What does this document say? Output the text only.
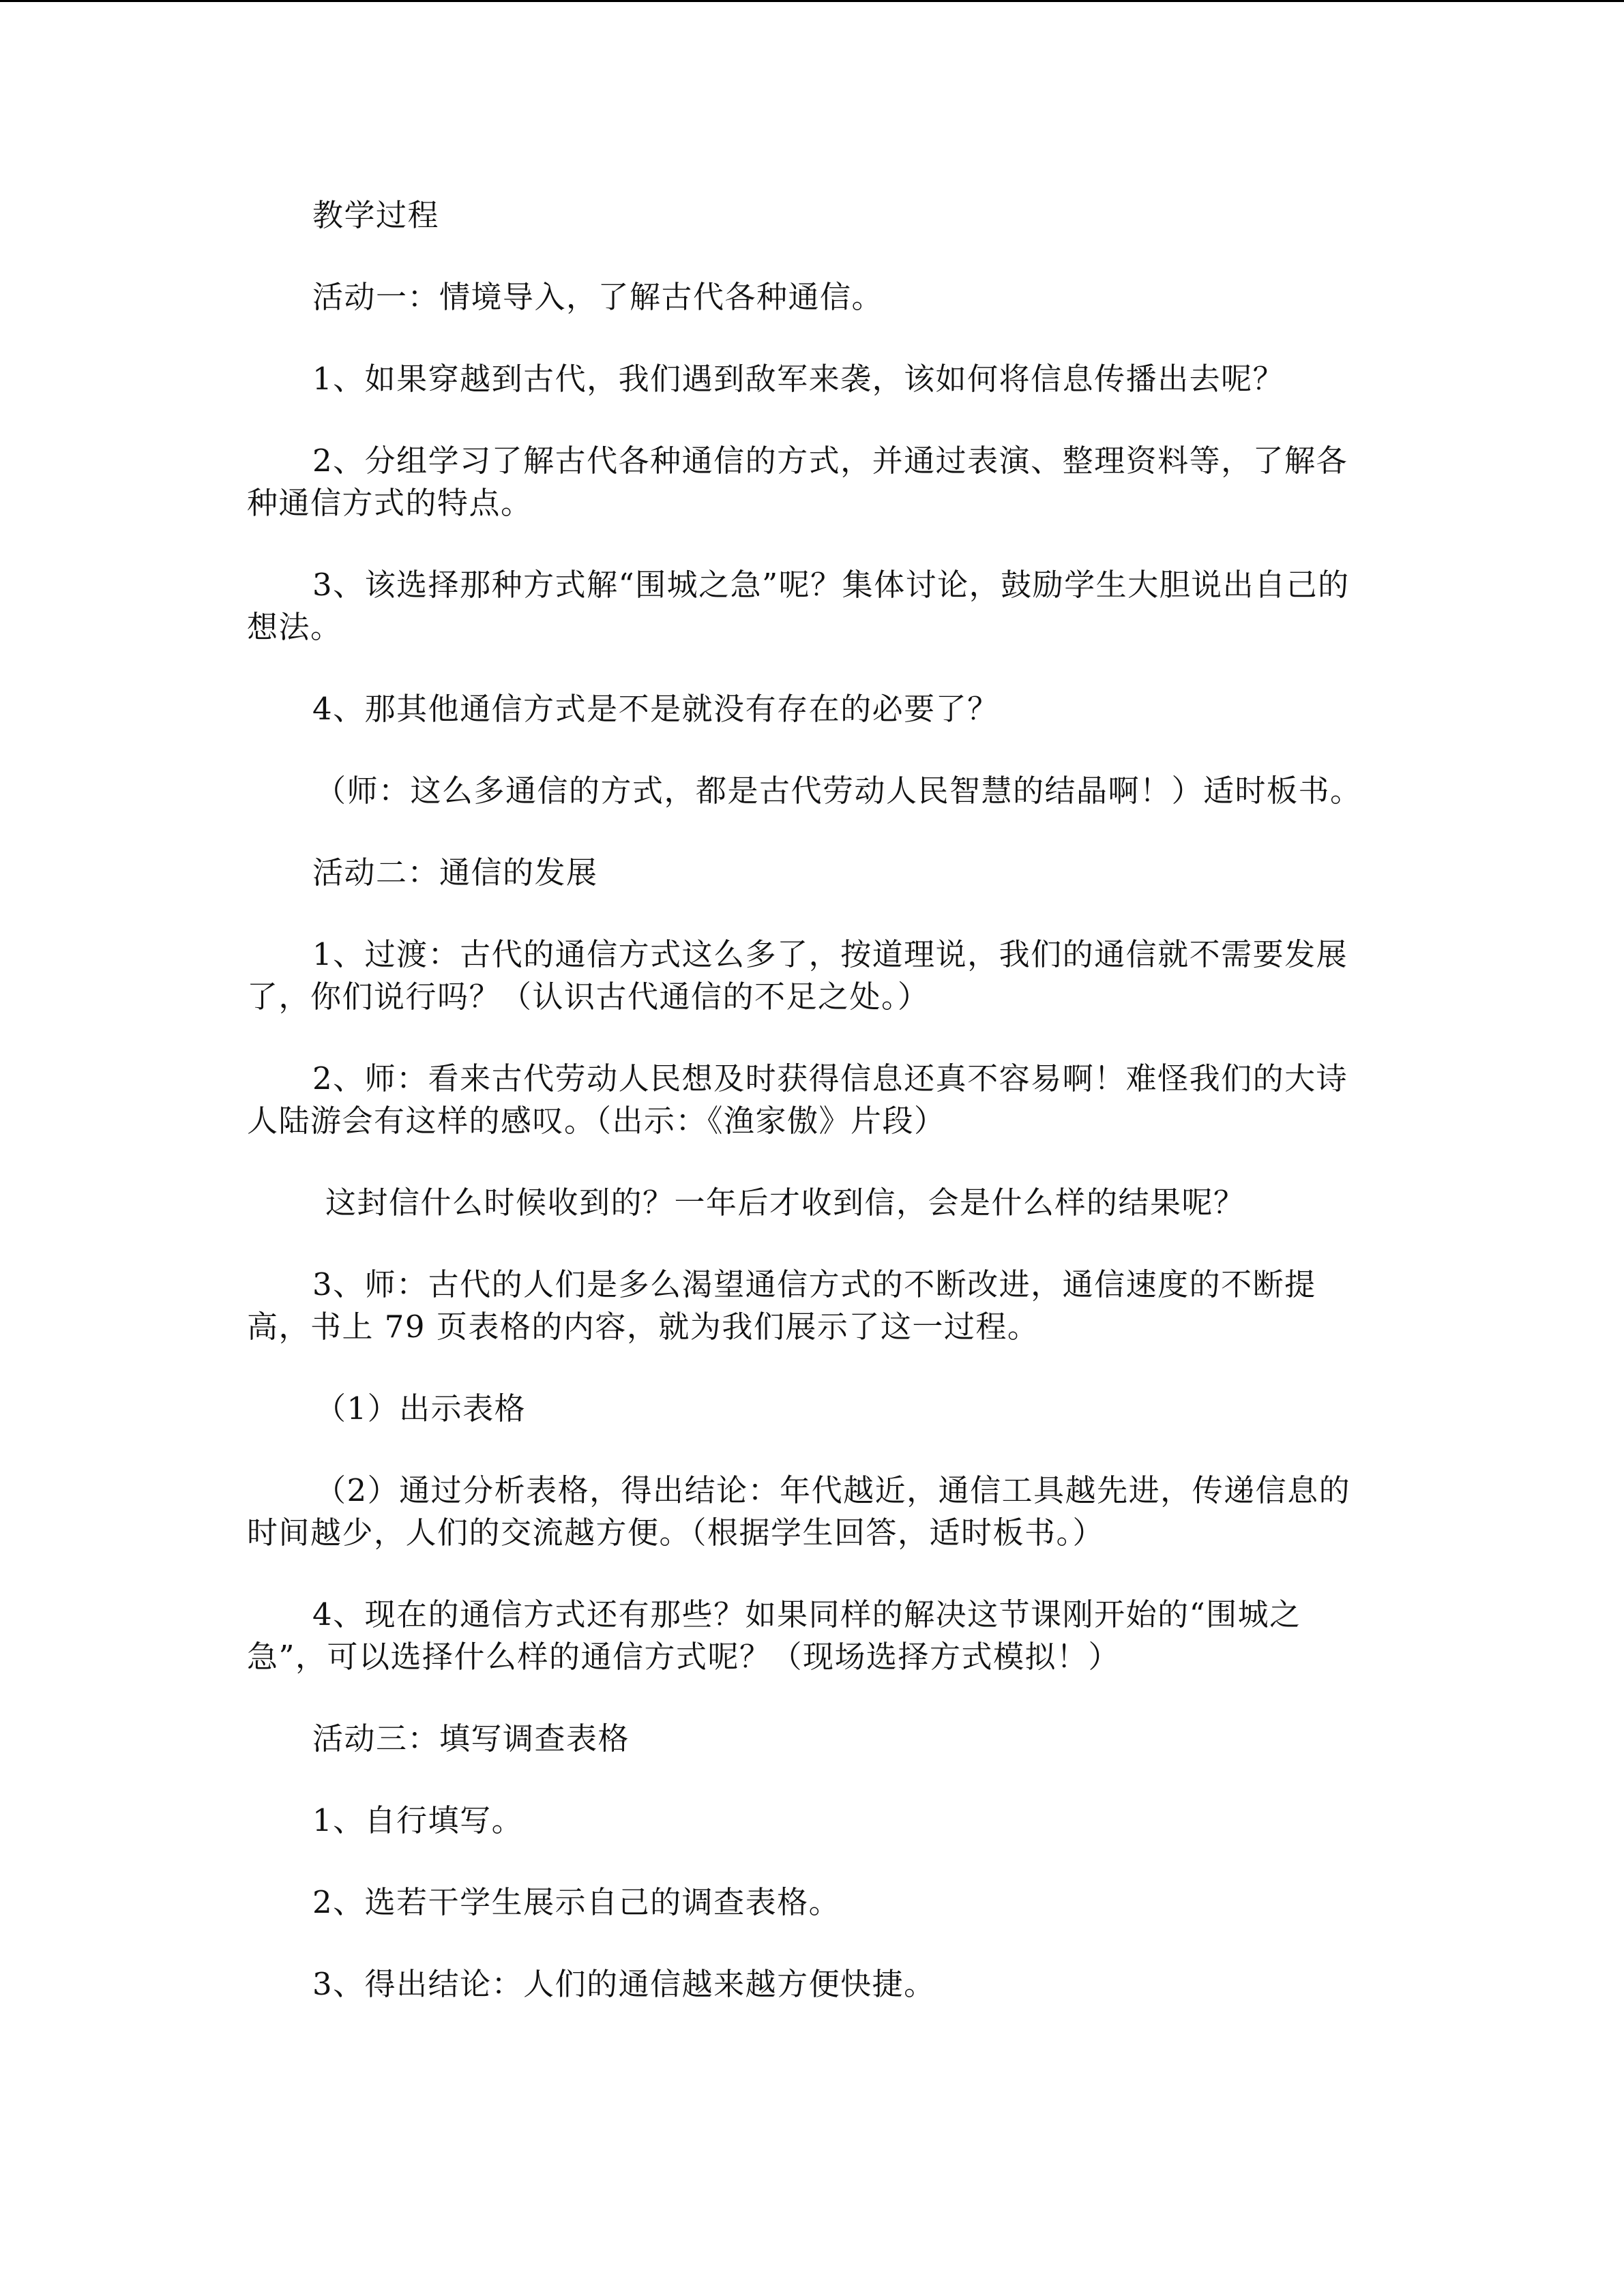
教学过程

活动一：情境导入，了解古代各种通信。

1、如果穿越到古代，我们遇到敌军来袭，该如何将信息传播出去呢？

2、分组学习了解古代各种通信的方式，并通过表演、整理资料等，了解各种通信方式的特点。

3、该选择那种方式解“围城之急”呢？集体讨论，鼓励学生大胆说出自己的想法。

4、那其他通信方式是不是就没有存在的必要了？

（师：这么多通信的方式，都是古代劳动人民智慧的结晶啊！）适时板书。

活动二：通信的发展

1、过渡：古代的通信方式这么多了，按道理说，我们的通信就不需要发展了，你们说行吗？（认识古代通信的不足之处。）

2、师：看来古代劳动人民想及时获得信息还真不容易啊！难怪我们的大诗人陆游会有这样的感叹。（出示：《渔家傲》片段）

这封信什么时候收到的？一年后才收到信，会是什么样的结果呢？

3、师：古代的人们是多么渴望通信方式的不断改进，通信速度的不断提高，书上 79 页表格的内容，就为我们展示了这一过程。

（1）出示表格

（2）通过分析表格，得出结论：年代越近，通信工具越先进，传递信息的时间越少，人们的交流越方便。（根据学生回答，适时板书。）

4、现在的通信方式还有那些？如果同样的解决这节课刚开始的“围城之急”，可以选择什么样的通信方式呢？（现场选择方式模拟！）

活动三：填写调查表格

1、自行填写。

2、选若干学生展示自己的调查表格。

3、得出结论：人们的通信越来越方便快捷。
